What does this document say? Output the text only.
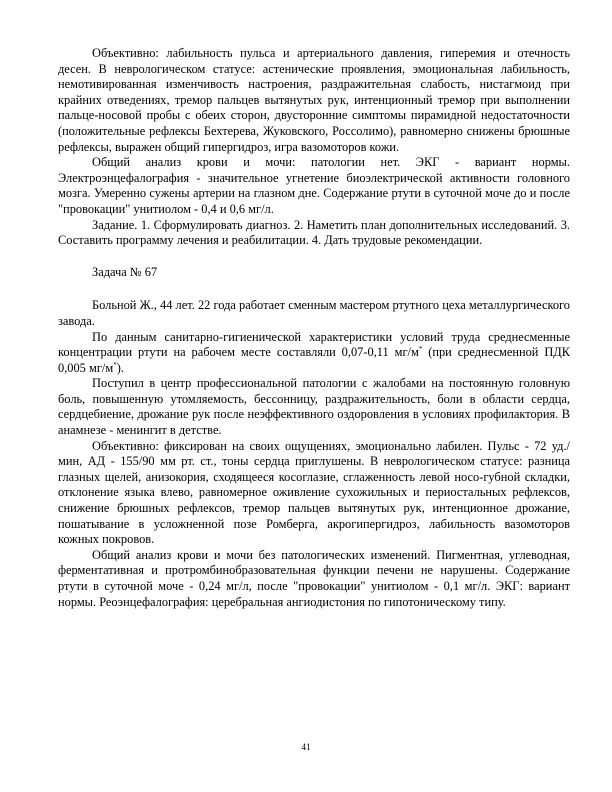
Объективно: лабильность пульса и артериального давления, гиперемия и отечность десен. В неврологическом статусе: астенические проявления, эмоциональная лабильность, немотивированная изменчивость настроения, раздражительная слабость, нистагмоид при крайних отведениях, тремор пальцев вытянутых рук, интенционный тремор при выполнении пальце-носовой пробы с обеих сторон, двусторонние симптомы пирамидной недостаточности (положительные рефлексы Бехтерева, Жуковского, Россолимо), равномерно снижены брюшные рефлексы, выражен общий гипергидроз, игра вазомоторов кожи.

Общий анализ крови и мочи: патологии нет. ЭКГ - вариант нормы. Электроэнцефалография - значительное угнетение биоэлектрической активности головного мозга. Умеренно сужены артерии на глазном дне. Содержание ртути в суточной моче до и после "провокации" унитиолом - 0,4 и 0,6 мг/л.

Задание. 1. Сформулировать диагноз. 2. Наметить план дополнительных исследований. 3. Составить программу лечения и реабилитации. 4. Дать трудовые рекомендации.

Задача № 67

Больной Ж., 44 лет. 22 года работает сменным мастером ртутного цеха металлургического завода.

По данным санитарно-гигиенической характеристики условий труда среднесменные концентрации ртути на рабочем месте составляли 0,07-0,11 мг/м* (при среднесменной ПДК 0,005 мг/м*).

Поступил в центр профессиональной патологии с жалобами на постоянную головную боль, повышенную утомляемость, бессонницу, раздражительность, боли в области сердца, сердцебиение, дрожание рук после неэффективного оздоровления в условиях профилактория. В анамнезе - менингит в детстве.

Объективно: фиксирован на своих ощущениях, эмоционально лабилен. Пульс - 72 уд./мин, АД - 155/90 мм рт. ст., тоны сердца приглушены. В неврологическом статусе: разница глазных щелей, анизокория, сходящееся косоглазие, сглаженность левой носо-губной складки, отклонение языка влево, равномерное оживление сухожильных и периостальных рефлексов, снижение брюшных рефлексов, тремор пальцев вытянутых рук, интенционное дрожание, пошатывание в усложненной позе Ромберга, акрогипергидроз, лабильность вазомоторов кожных покровов.

Общий анализ крови и мочи без патологических изменений. Пигментная, углеводная, ферментативная и протромбинобразовательная функции печени не нарушены. Содержание ртути в суточной моче - 0,24 мг/л, после "провокации" унитиолом - 0,1 мг/л. ЭКГ: вариант нормы. Реоэнцефалография: церебральная ангиодистония по гипотоническому типу.

41
